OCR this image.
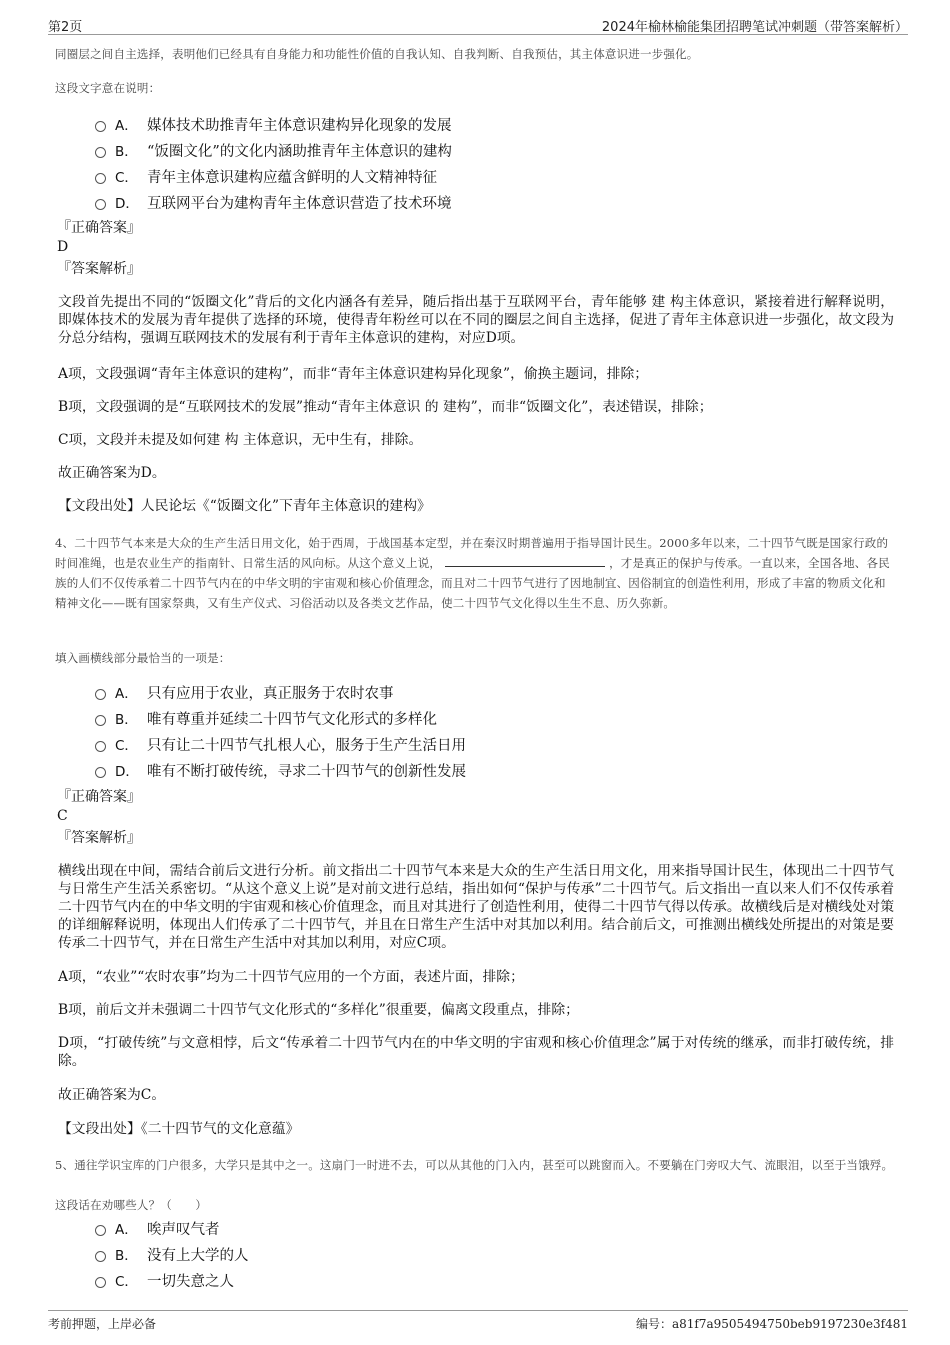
第2页	2024年榆林榆能集团招聘笔试冲刺题（带答案解析）
同圈层之间自主选择，表明他们已经具有自身能力和功能性价值的自我认知、自我判断、自我预估，其主体意识进一步强化。
这段文字意在说明：
A． 媒体技术助推青年主体意识建构异化现象的发展
B． “饭圈文化”的文化内涵助推青年主体意识的建构
C． 青年主体意识建构应蕴含鲜明的人文精神特征
D． 互联网平台为建构青年主体意识营造了技术环境
『正确答案』
D
『答案解析』
文段首先提出不同的“饭圈文化”背后的文化内涵各有差异，随后指出基于互联网平台，青年能够 建 构主体意识，紧接着进行解释说明，即媒体技术的发展为青年提供了选择的环境，使得青年粉丝可以在不同的圈层之间自主选择，促进了青年主体意识进一步强化，故文段为分总分结构，强调互联网技术的发展有利于青年主体意识的建构，对应D项。
A项，文段强调“青年主体意识的建构”，而非“青年主体意识建构异化现象”，偷换主题词，排除；
B项，文段强调的是“互联网技术的发展”推动“青年主体意识 的 建构”，而非“饭圈文化”，表述错误，排除；
C项，文段并未提及如何建 构 主体意识，无中生有，排除。
故正确答案为D。
【文段出处】人民论坛《“饭圈文化”下青年主体意识的建构》
4、二十四节气本来是大众的生产生活日用文化，始于西周，于战国基本定型，并在秦汉时期普遍用于指导国计民生。2000多年以来，二十四节气既是国家行政的时间准绳，也是农业生产的指南针、日常生活的风向标。从这个意义上说，	，才是真正的保护与传承。一直以来，全国各地、各民族的人们不仅传承着二十四节气内在的中华文明的宇宙观和核心价值理念，而且对二十四节气进行了因地制宜、因俗制宜的创造性利用，形成了丰富的物质文化和精神文化——既有国家祭典，又有生产仪式、习俗活动以及各类文艺作品，使二十四节气文化得以生生不息、历久弥新。
填入画横线部分最恰当的一项是：
A． 只有应用于农业，真正服务于农时农事
B． 唯有尊重并延续二十四节气文化形式的多样化
C． 只有让二十四节气扎根人心，服务于生产生活日用
D． 唯有不断打破传统，寻求二十四节气的创新性发展
『正确答案』
C
『答案解析』
横线出现在中间，需结合前后文进行分析。前文指出二十四节气本来是大众的生产生活日用文化，用来指导国计民生，体现出二十四节气与日常生产生活关系密切。“从这个意义上说”是对前文进行总结，指出如何“保护与传承”二十四节气。后文指出一直以来人们不仅传承着二十四节气内在的中华文明的宇宙观和核心价值理念，而且对其进行了创造性利用，使得二十四节气得以传承。故横线后是对横线处对策的详细解释说明，体现出人们传承了二十四节气，并且在日常生产生活中对其加以利用。结合前后文，可推测出横线处所提出的对策是要传承二十四节气，并在日常生产生活中对其加以利用，对应C项。
A项，“农业”“农时农事”均为二十四节气应用的一个方面，表述片面，排除；
B项，前后文并未强调二十四节气文化形式的“多样化”很重要，偏离文段重点，排除；
D项，“打破传统”与文意相悖，后文“传承着二十四节气内在的中华文明的宇宙观和核心价值理念”属于对传统的继承，而非打破传统，排除。
故正确答案为C。
【文段出处】《二十四节气的文化意蕴》
5、通往学识宝库的门户很多，大学只是其中之一。这扇门一时进不去，可以从其他的门入内，甚至可以跳窗而入。不要躺在门旁叹大气、流眼泪，以至于当饿殍。
这段话在劝哪些人？（　　）
A． 唉声叹气者
B． 没有上大学的人
C． 一切失意之人
考前押题，上岸必备	编号：a81f7a9505494750beb9197230e3f481
